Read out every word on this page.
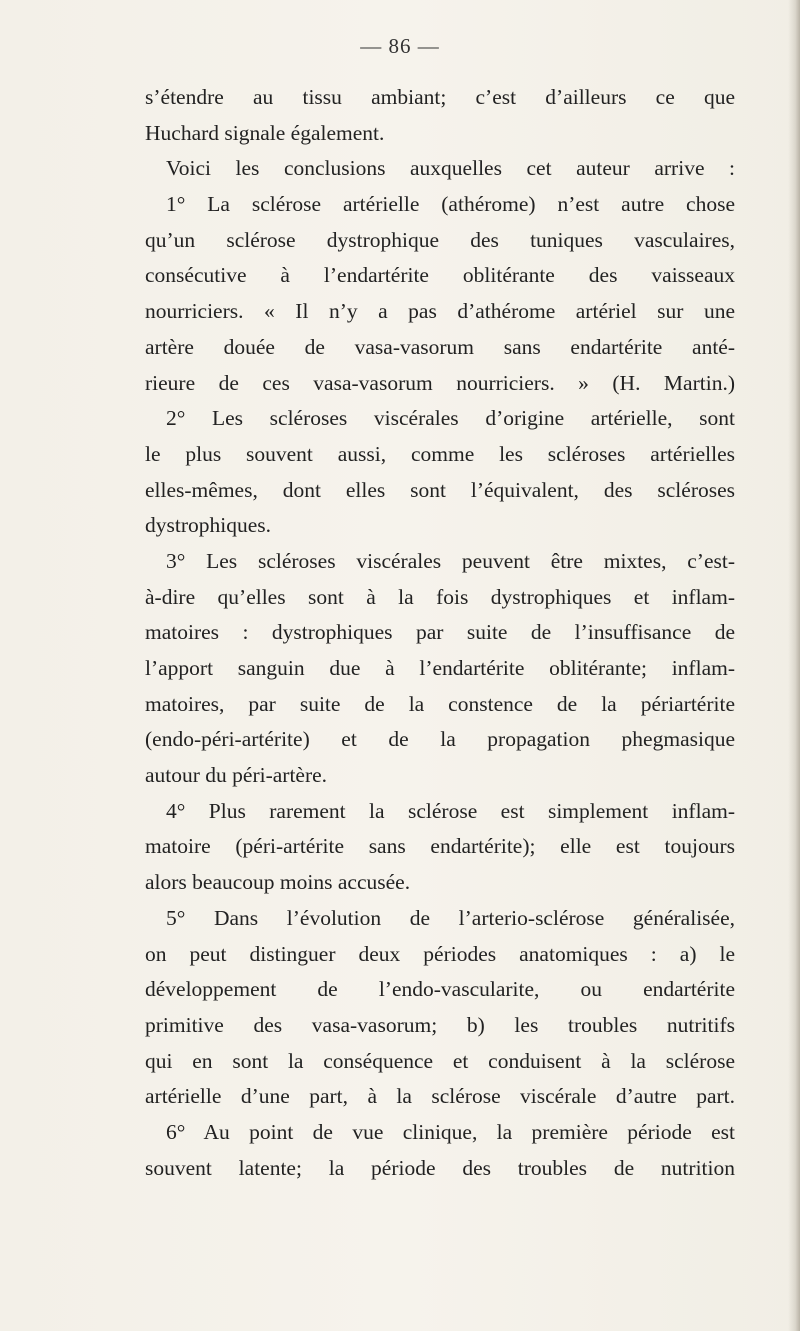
— 86 —
s’étendre au tissu ambiant; c’est d’ailleurs ce que
Huchard signale également.
Voici les conclusions auxquelles cet auteur arrive :
1° La sclérose artérielle (athérome) n’est autre chose
qu’un sclérose dystrophique des tuniques vasculaires,
consécutive à l’endartérite oblitérante des vaisseaux
nourriciers. « Il n’y a pas d’athérome artériel sur une
artère douée de vasa-vasorum sans endartérite anté-
rieure de ces vasa-vasorum nourriciers. » (H. Martin.)
2° Les scléroses viscérales d’origine artérielle, sont
le plus souvent aussi, comme les scléroses artérielles
elles-mêmes, dont elles sont l’équivalent, des scléroses
dystrophiques.
3° Les scléroses viscérales peuvent être mixtes, c’est-
à-dire qu’elles sont à la fois dystrophiques et inflam-
matoires : dystrophiques par suite de l’insuffisance de
l’apport sanguin due à l’endartérite oblitérante; inflam-
matoires, par suite de la constence de la périartérite
(endo-péri-artérite) et de la propagation phegmasique
autour du péri-artère.
4° Plus rarement la sclérose est simplement inflam-
matoire (péri-artérite sans endartérite); elle est toujours
alors beaucoup moins accusée.
5° Dans l’évolution de l’arterio-sclérose généralisée,
on peut distinguer deux périodes anatomiques : a) le
développement de l’endo-vascularite, ou endartérite
primitive des vasa-vasorum; b) les troubles nutritifs
qui en sont la conséquence et conduisent à la sclérose
artérielle d’une part, à la sclérose viscérale d’autre part.
6° Au point de vue clinique, la première période est
souvent latente; la période des troubles de nutrition
